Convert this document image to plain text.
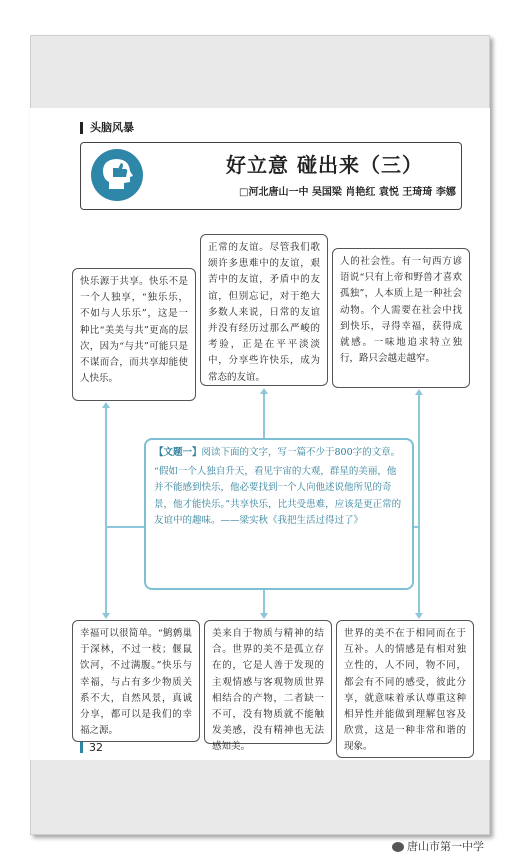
头脑风暴
好立意 碰出来（三）
□河北唐山一中 吴国梁 肖艳红 袁悦 王琦琦 李娜
快乐源于共享。快乐不是一个人独享，“独乐乐，不如与人乐乐”，这是一种比“美美与共”更高的层次，因为“与共”可能只是不谋而合，而共享却能使人快乐。
正常的友谊。尽管我们歌颂许多患难中的友谊，艰苦中的友谊，矛盾中的友谊，但别忘记，对于绝大多数人来说，日常的友谊并没有经历过那么严峻的考验，正是在平平淡淡中，分享些许快乐，成为常态的友谊。
人的社会性。有一句西方谚语说“只有上帝和野兽才喜欢孤独”，人本质上是一种社会动物。个人需要在社会中找到快乐，寻得幸福，获得成就感。一味地追求特立独行，路只会越走越窄。
【文题一】阅读下面的文字，写一篇不少于800字的文章。
“假如一个人独自升天，看见宇宙的大观，群星的美丽，他并不能感到快乐，他必要找到一个人向他述说他所见的奇景，他才能快乐。”共享快乐，比共受患难，应该是更正常的友谊中的趣味。——梁实秋《我把生活过得过了》
幸福可以很简单。“鹪鹩巢于深林，不过一枝；偃鼠饮河，不过满腹。”快乐与幸福，与占有多少物质关系不大，自然风景，真诚分享，都可以是我们的幸福之源。
美来自于物质与精神的结合。世界的美不是孤立存在的，它是人善于发现的主观情感与客观物质世界相结合的产物，二者缺一不可，没有物质就不能触发美感，没有精神也无法感知美。
世界的美不在于相同而在于互补。人的情感是有相对独立性的，人不同，物不同，都会有不同的感受，彼此分享，就意味着承认尊重这种相异性并能做到理解包容及欣赏，这是一种非常和谐的现象。
32
唐山市第一中学
